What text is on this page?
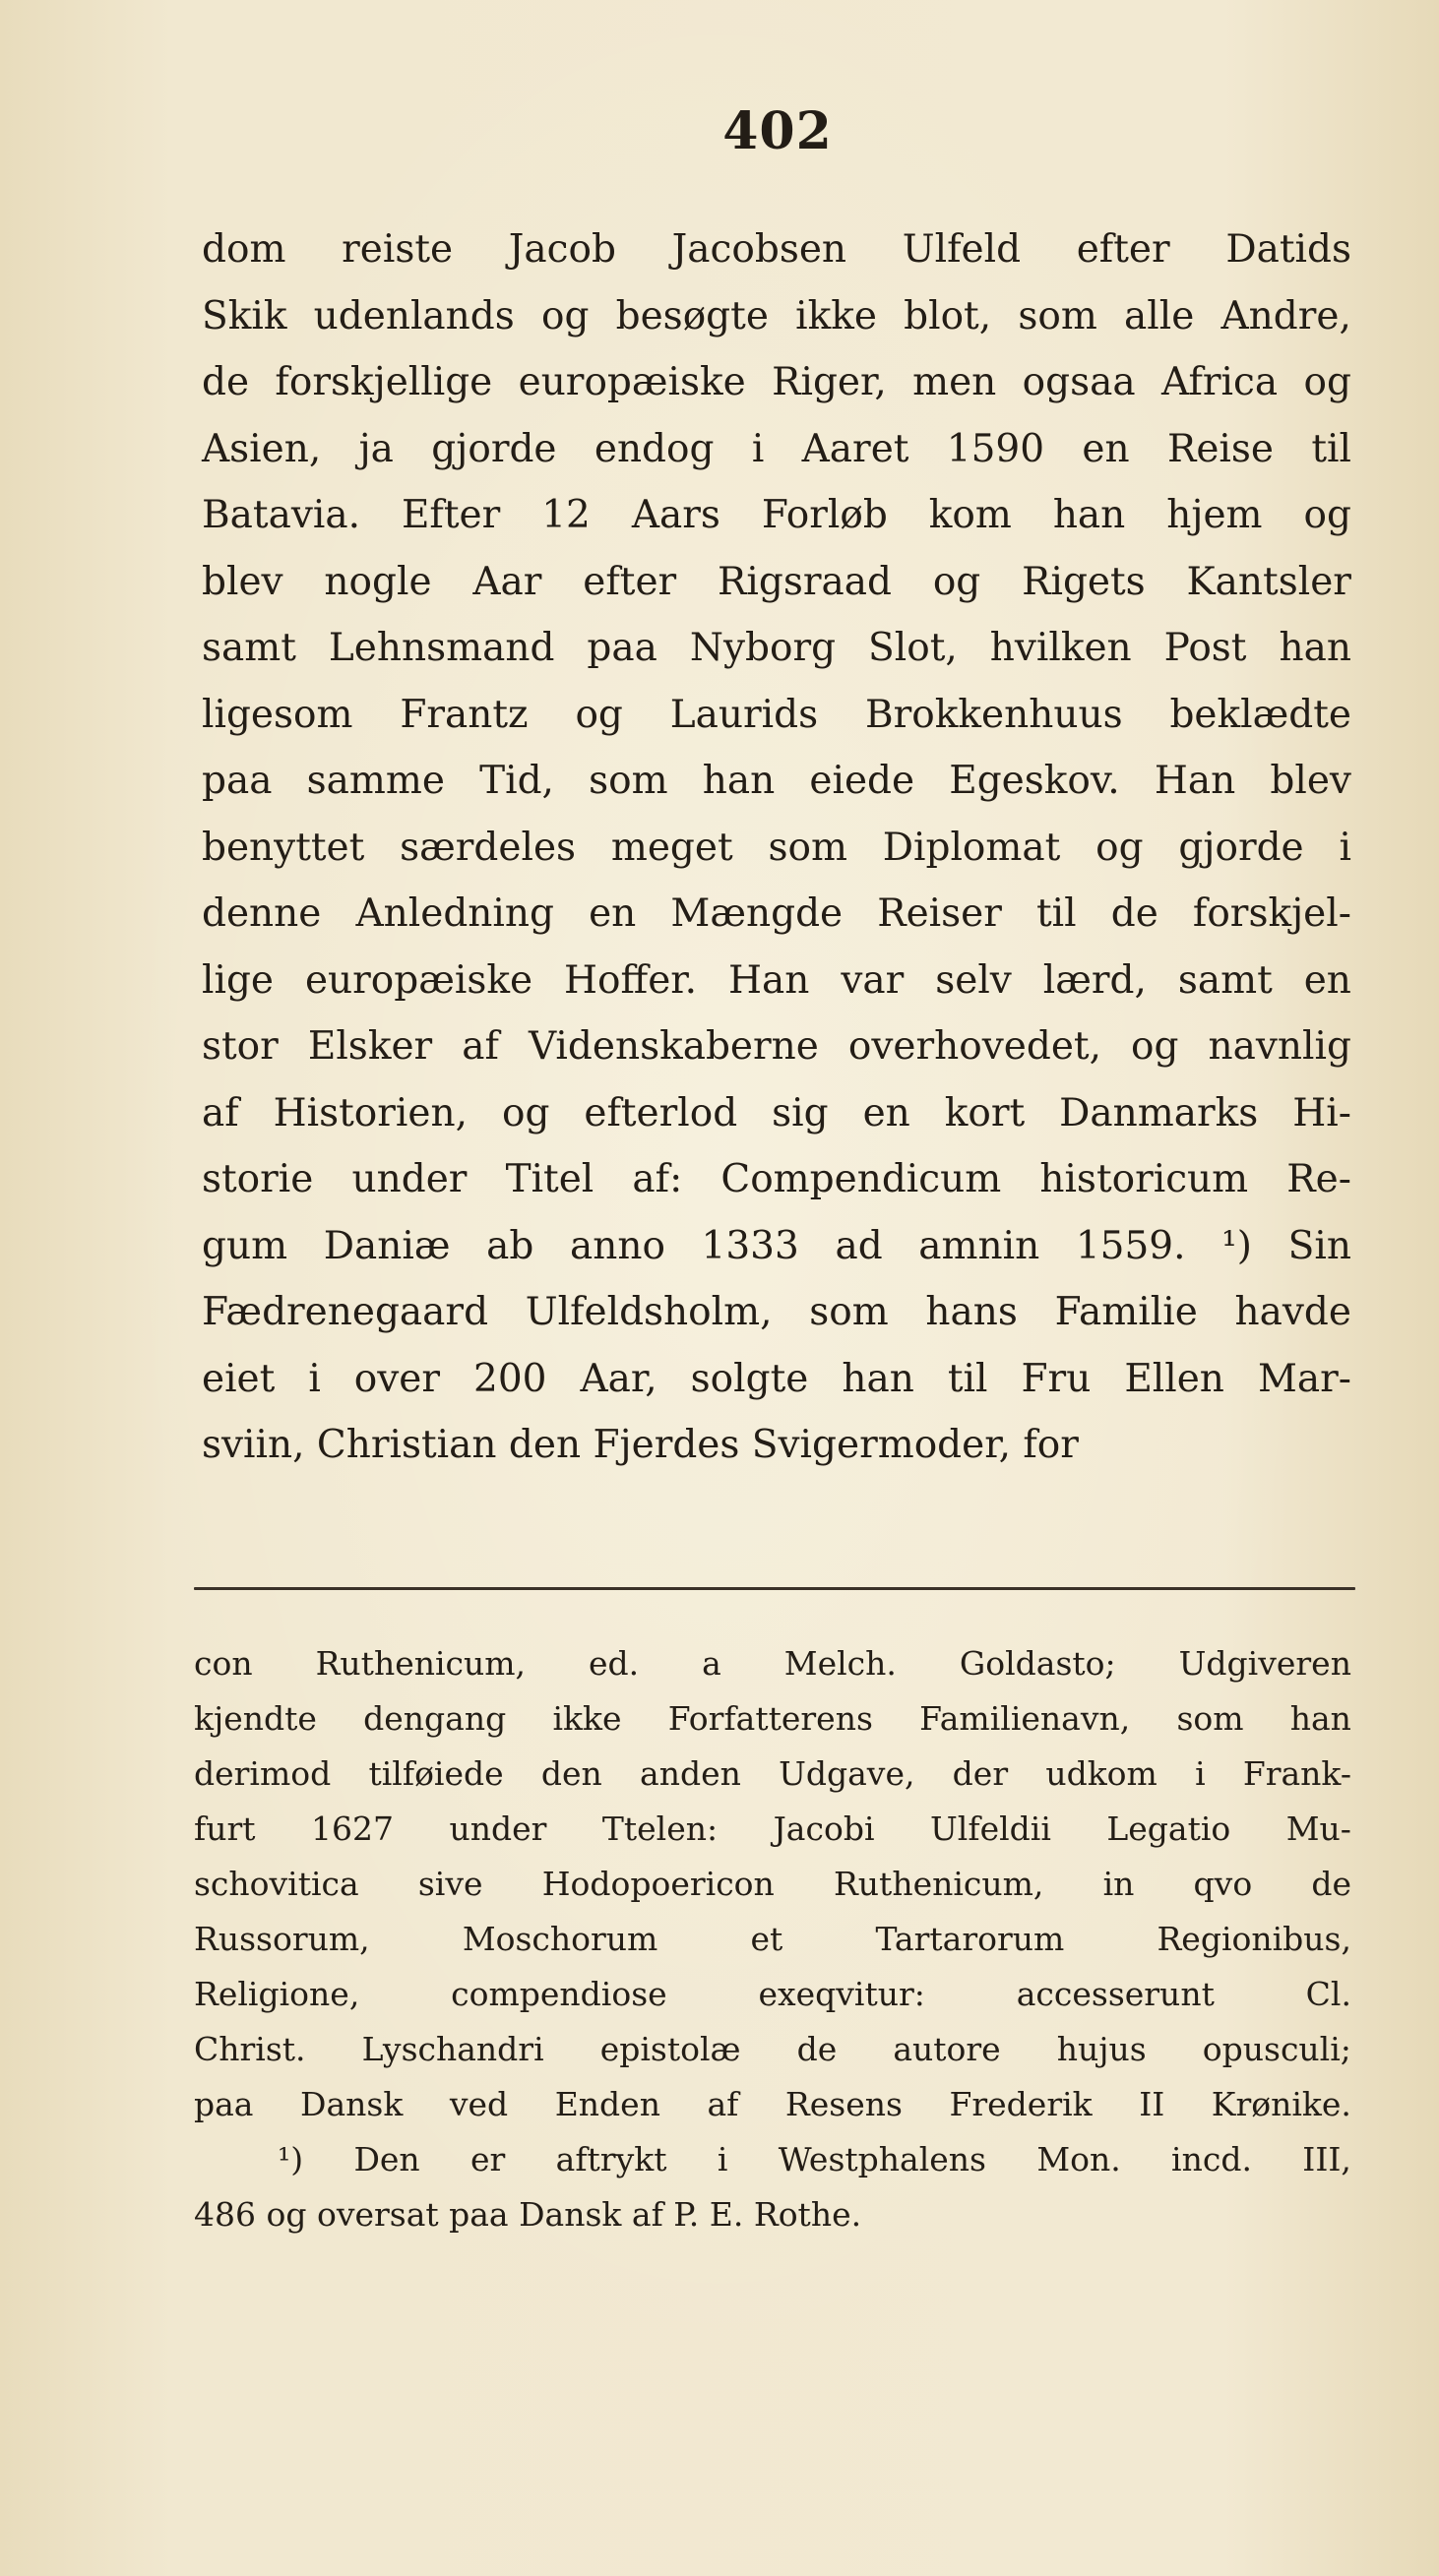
402
dom reiste Jacob Jacobsen Ulfeld efter Datids
Skik udenlands og besøgte ikke blot, som alle Andre,
de forskjellige europæiske Riger, men ogsaa Africa og
Asien, ja gjorde endog i Aaret 1590 en Reise til
Batavia. Efter 12 Aars Forløb kom han hjem og
blev nogle Aar efter Rigsraad og Rigets Kantsler
samt Lehnsmand paa Nyborg Slot, hvilken Post han
ligesom Frantz og Laurids Brokkenhuus beklædte
paa samme Tid, som han eiede Egeskov. Han blev
benyttet særdeles meget som Diplomat og gjorde i
denne Anledning en Mængde Reiser til de forskjel-
lige europæiske Hoffer. Han var selv lærd, samt en
stor Elsker af Videnskaberne overhovedet, og navnlig
af Historien, og efterlod sig en kort Danmarks Hi-
storie under Titel af: Compendicum historicum Re-
gum Daniæ ab anno 1333 ad amnin 1559. ¹) Sin
Fædrenegaard Ulfeldsholm, som hans Familie havde
eiet i over 200 Aar, solgte han til Fru Ellen Mar-
sviin, Christian den Fjerdes Svigermoder, for
con Ruthenicum, ed. a Melch. Goldasto; Udgiveren
kjendte dengang ikke Forfatterens Familienavn, som han
derimod tilføiede den anden Udgave, der udkom i Frank-
furt 1627 under Ttelen: Jacobi Ulfeldii Legatio Mu-
schovitica sive Hodopoericon Ruthenicum, in qvo de
Russorum,	Moschorum	et	Tartarorum	Regionibus,
Religione,	compendiose	exeqvitur:	accesserunt	Cl.
Christ. Lyschandri epistolæ de autore hujus opusculi;
paa Dansk ved Enden af Resens Frederik II Krønike.
¹) Den er aftrykt i Westphalens Mon. incd. III,
486 og oversat paa Dansk af P. E. Rothe.
